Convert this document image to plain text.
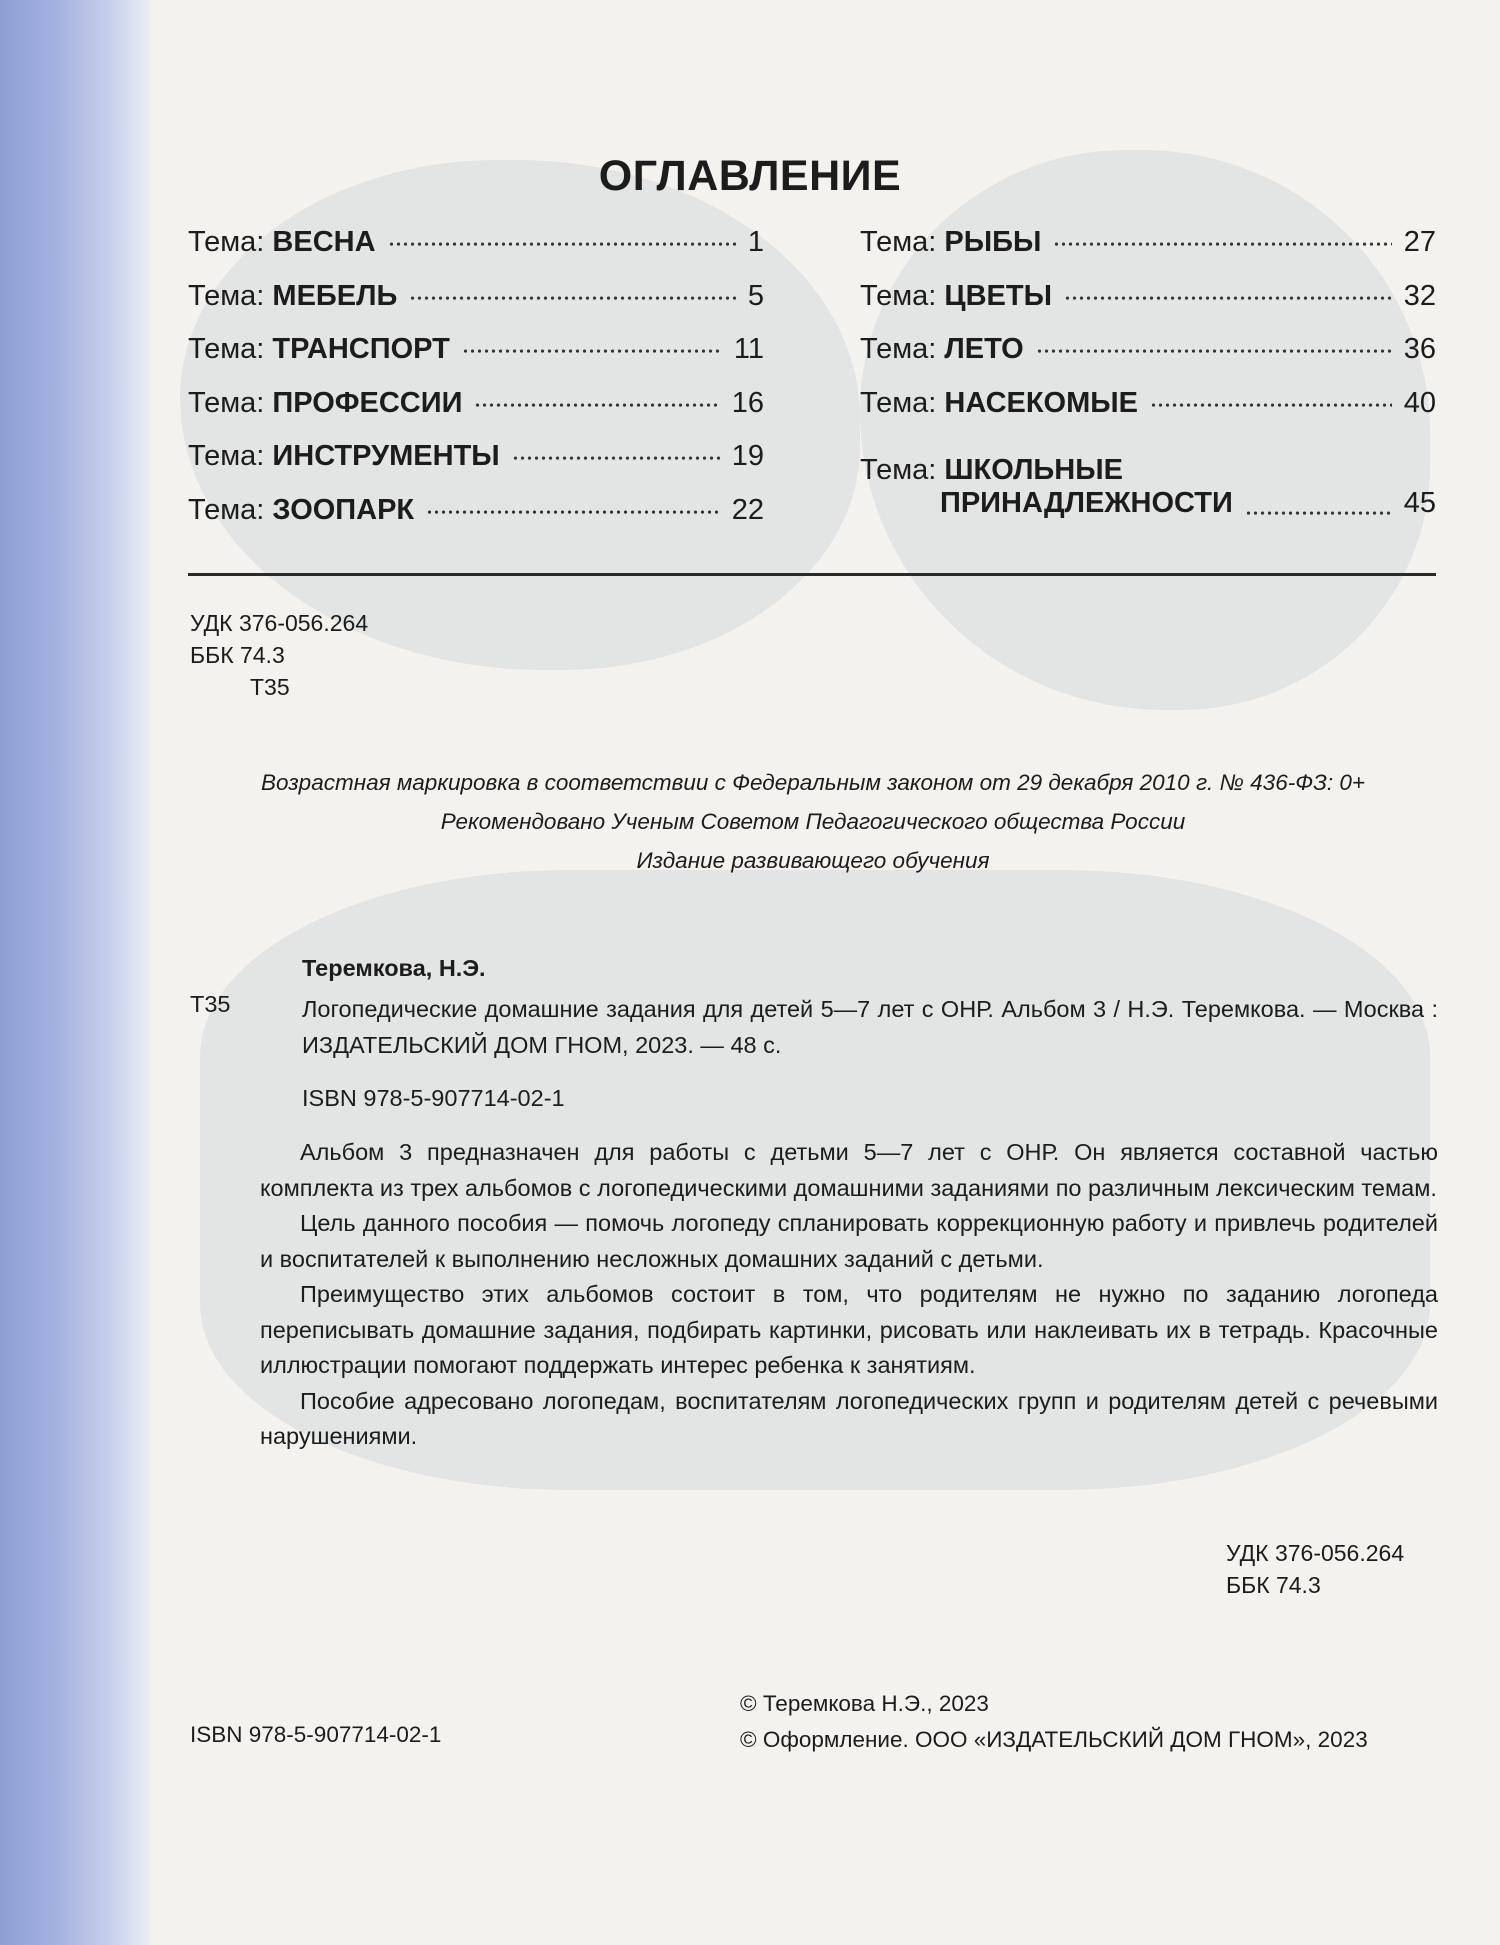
ОГЛАВЛЕНИЕ
Тема: ВЕСНА	1
Тема: МЕБЕЛЬ	5
Тема: ТРАНСПОРТ	11
Тема: ПРОФЕССИИ	16
Тема: ИНСТРУМЕНТЫ	19
Тема: ЗООПАРК	22
Тема: РЫБЫ	27
Тема: ЦВЕТЫ	32
Тема: ЛЕТО	36
Тема: НАСЕКОМЫЕ	40
Тема: ШКОЛЬНЫЕ
ПРИНАДЛЕЖНОСТИ	45
УДК 376-056.264
ББК 74.3
Т35
Возрастная маркировка в соответствии с Федеральным законом от 29 декабря 2010 г. № 436-ФЗ: 0+
Рекомендовано Ученым Советом Педагогического общества России
Издание развивающего обучения
Теремкова, Н.Э.
Т35	Логопедические домашние задания для детей 5—7 лет с ОНР. Альбом 3 / Н.Э. Теремкова. — Москва : ИЗДАТЕЛЬСКИЙ ДОМ ГНОМ, 2023. — 48 с.
ISBN 978-5-907714-02-1

Альбом 3 предназначен для работы с детьми 5—7 лет с ОНР. Он является составной частью комплекта из трех альбомов с логопедическими домашними заданиями по различным лексическим темам.

Цель данного пособия — помочь логопеду спланировать коррекционную работу и привлечь родителей и воспитателей к выполнению несложных домашних заданий с детьми.

Преимущество этих альбомов состоит в том, что родителям не нужно по заданию логопеда переписывать домашние задания, подбирать картинки, рисовать или наклеивать их в тетрадь. Красочные иллюстрации помогают поддержать интерес ребенка к занятиям.

Пособие адресовано логопедам, воспитателям логопедических групп и родителям детей с речевыми нарушениями.

УДК 376-056.264
ББК 74.3
ISBN 978-5-907714-02-1
© Теремкова Н.Э., 2023
© Оформление. ООО «ИЗДАТЕЛЬСКИЙ ДОМ ГНОМ», 2023
